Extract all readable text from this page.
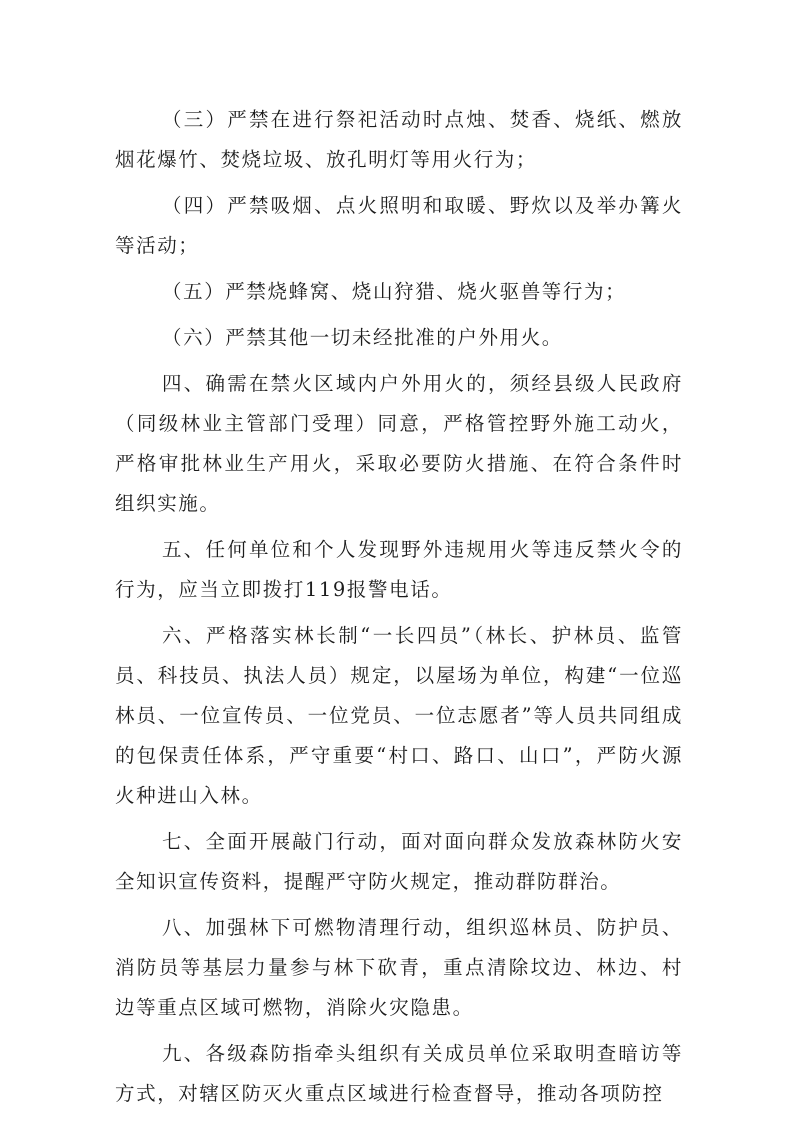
（三）严禁在进行祭祀活动时点烛、焚香、烧纸、燃放烟花爆竹、焚烧垃圾、放孔明灯等用火行为；

（四）严禁吸烟、点火照明和取暖、野炊以及举办篝火等活动；

（五）严禁烧蜂窝、烧山狩猎、烧火驱兽等行为；

（六）严禁其他一切未经批准的户外用火。

四、确需在禁火区域内户外用火的，须经县级人民政府（同级林业主管部门受理）同意，严格管控野外施工动火，严格审批林业生产用火，采取必要防火措施、在符合条件时组织实施。

五、任何单位和个人发现野外违规用火等违反禁火令的行为，应当立即拨打119报警电话。

六、严格落实林长制“一长四员”（林长、护林员、监管员、科技员、执法人员）规定，以屋场为单位，构建“一位巡林员、一位宣传员、一位党员、一位志愿者”等人员共同组成的包保责任体系，严守重要“村口、路口、山口”，严防火源火种进山入林。

七、全面开展敲门行动，面对面向群众发放森林防火安全知识宣传资料，提醒严守防火规定，推动群防群治。

八、加强林下可燃物清理行动，组织巡林员、防护员、消防员等基层力量参与林下砍青，重点清除坟边、林边、村边等重点区域可燃物，消除火灾隐患。

九、各级森防指牵头组织有关成员单位采取明查暗访等方式，对辖区防灭火重点区域进行检查督导，推动各项防控
